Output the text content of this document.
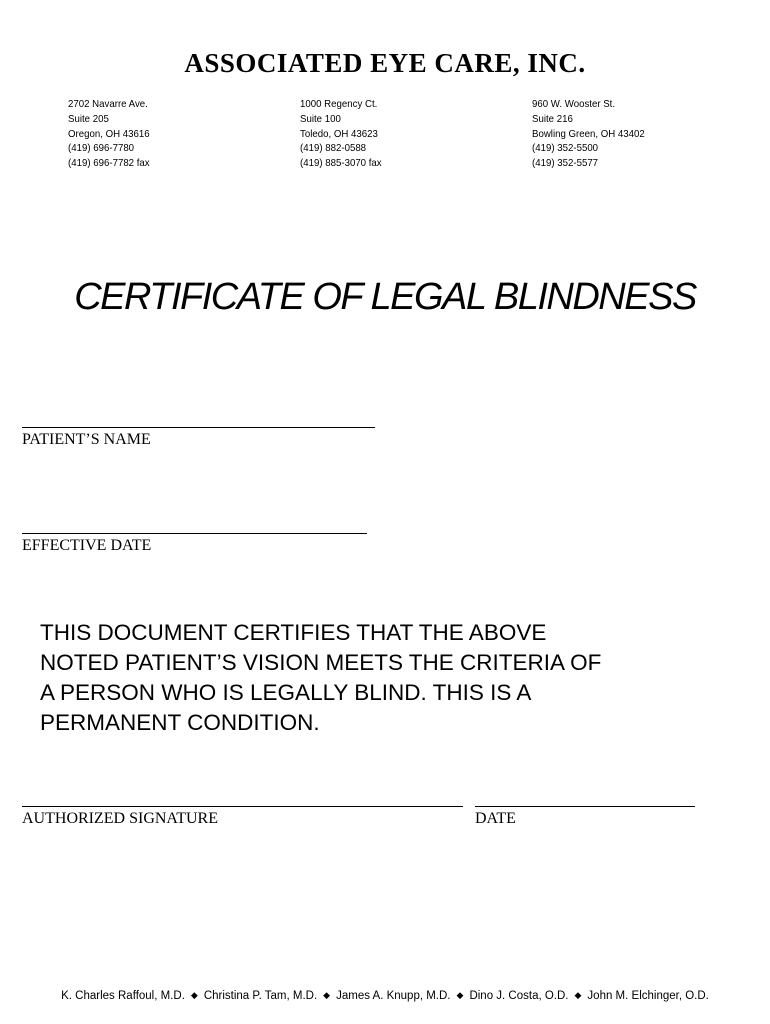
ASSOCIATED EYE CARE, INC.
2702 Navarre Ave.
Suite 205
Oregon, OH 43616
(419) 696-7780
(419) 696-7782 fax
1000 Regency Ct.
Suite 100
Toledo, OH 43623
(419) 882-0588
(419) 885-3070 fax
960 W. Wooster St.
Suite 216
Bowling Green, OH 43402
(419) 352-5500
(419) 352-5577
CERTIFICATE OF LEGAL BLINDNESS
PATIENT’S NAME
EFFECTIVE DATE
THIS DOCUMENT CERTIFIES THAT THE ABOVE
NOTED PATIENT’S VISION MEETS THE CRITERIA OF
A PERSON WHO IS LEGALLY BLIND. THIS IS A
PERMANENT CONDITION.
AUTHORIZED SIGNATURE	DATE
K. Charles Raffoul, M.D. ◆ Christina P. Tam, M.D. ◆ James A. Knupp, M.D. ◆ Dino J. Costa, O.D. ◆ John M. Elchinger, O.D.
